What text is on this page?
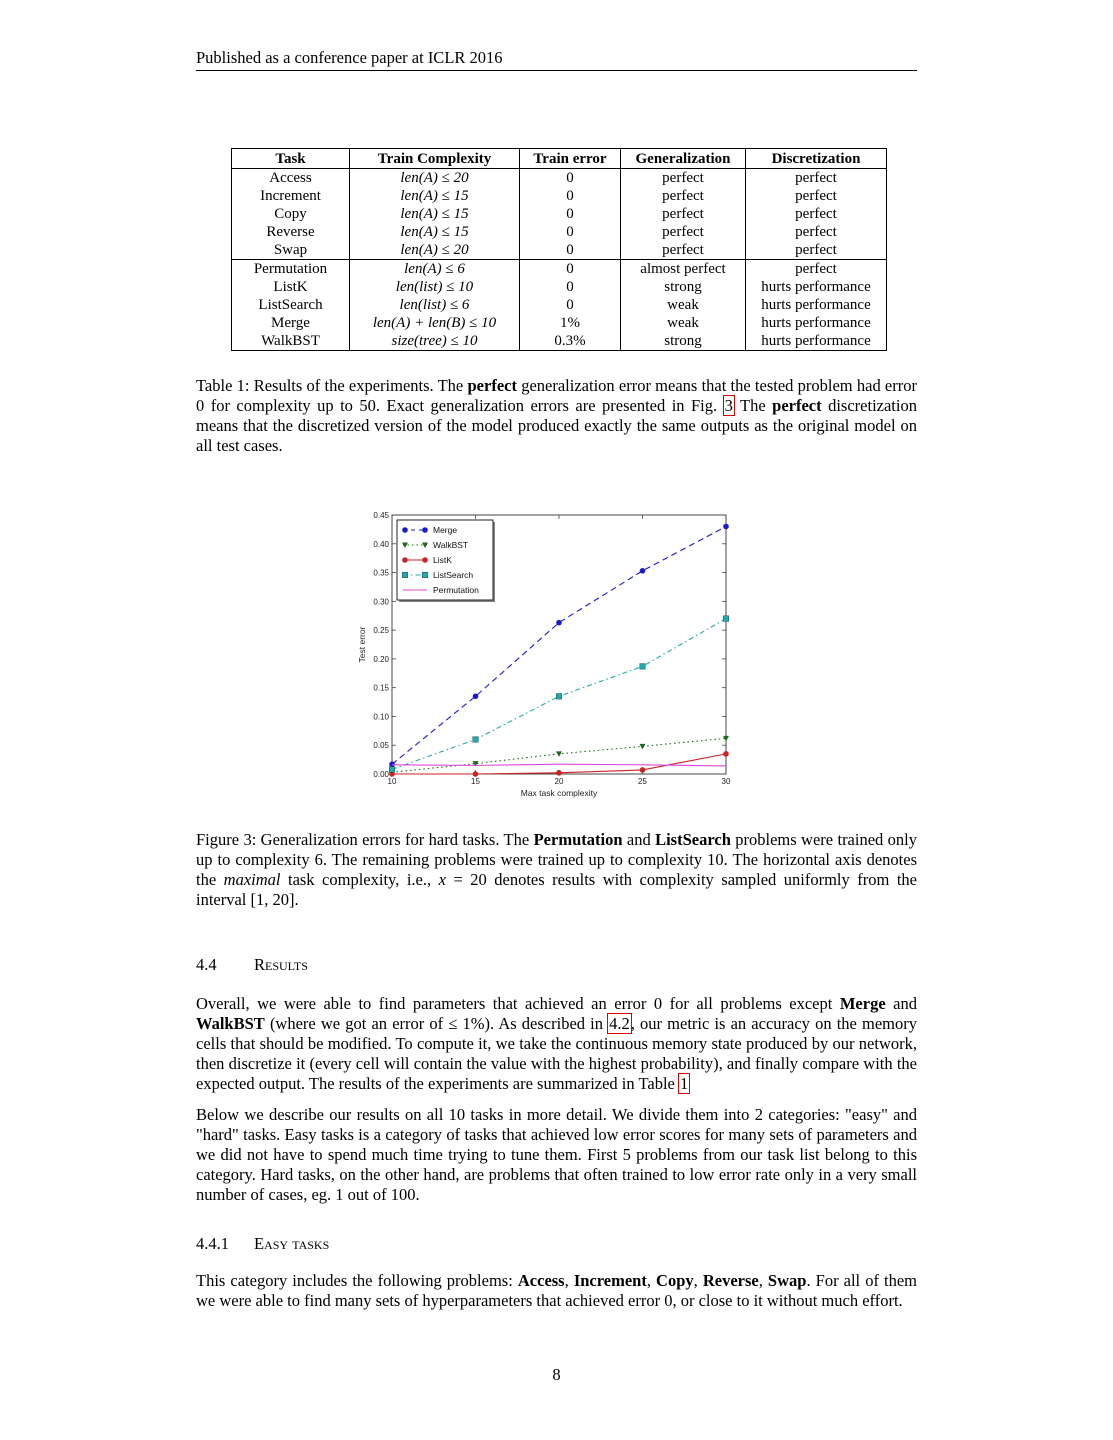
Published as a conference paper at ICLR 2016
Task	Train Complexity	Train error	Generalization	Discretization
Access	len(A) ≤ 20	0	perfect	perfect
Increment	len(A) ≤ 15	0	perfect	perfect
Copy	len(A) ≤ 15	0	perfect	perfect
Reverse	len(A) ≤ 15	0	perfect	perfect
Swap	len(A) ≤ 20	0	perfect	perfect
Permutation	len(A) ≤ 6	0	almost perfect	perfect
ListK	len(list) ≤ 10	0	strong	hurts performance
ListSearch	len(list) ≤ 6	0	weak	hurts performance
Merge	len(A) + len(B) ≤ 10	1%	weak	hurts performance
WalkBST	size(tree) ≤ 10	0.3%	strong	hurts performance
Table 1: Results of the experiments. The perfect generalization error means that the tested problem had error 0 for complexity up to 50. Exact generalization errors are presented in Fig. 3 The perfect discretization means that the discretized version of the model produced exactly the same outputs as the original model on all test cases.
0.00
0.05
0.10
0.15
0.20
0.25
0.30
0.35
0.40
0.45
10	15	20	25	30
Max task complexity
Test error
Merge
WalkBST
ListK
ListSearch
Permutation
Figure 3: Generalization errors for hard tasks. The Permutation and ListSearch problems were trained only up to complexity 6. The remaining problems were trained up to complexity 10. The horizontal axis denotes the maximal task complexity, i.e., x = 20 denotes results with complexity sampled uniformly from the interval [1, 20].
4.4 Results
Overall, we were able to find parameters that achieved an error 0 for all problems except Merge and WalkBST (where we got an error of ≤ 1%). As described in 4.2, our metric is an accuracy on the memory cells that should be modified. To compute it, we take the continuous memory state produced by our network, then discretize it (every cell will contain the value with the highest probability), and finally compare with the expected output. The results of the experiments are summarized in Table 1
Below we describe our results on all 10 tasks in more detail. We divide them into 2 categories: "easy" and "hard" tasks. Easy tasks is a category of tasks that achieved low error scores for many sets of parameters and we did not have to spend much time trying to tune them. First 5 problems from our task list belong to this category. Hard tasks, on the other hand, are problems that often trained to low error rate only in a very small number of cases, eg. 1 out of 100.
4.4.1 Easy tasks
This category includes the following problems: Access, Increment, Copy, Reverse, Swap. For all of them we were able to find many sets of hyperparameters that achieved error 0, or close to it without much effort.
8
